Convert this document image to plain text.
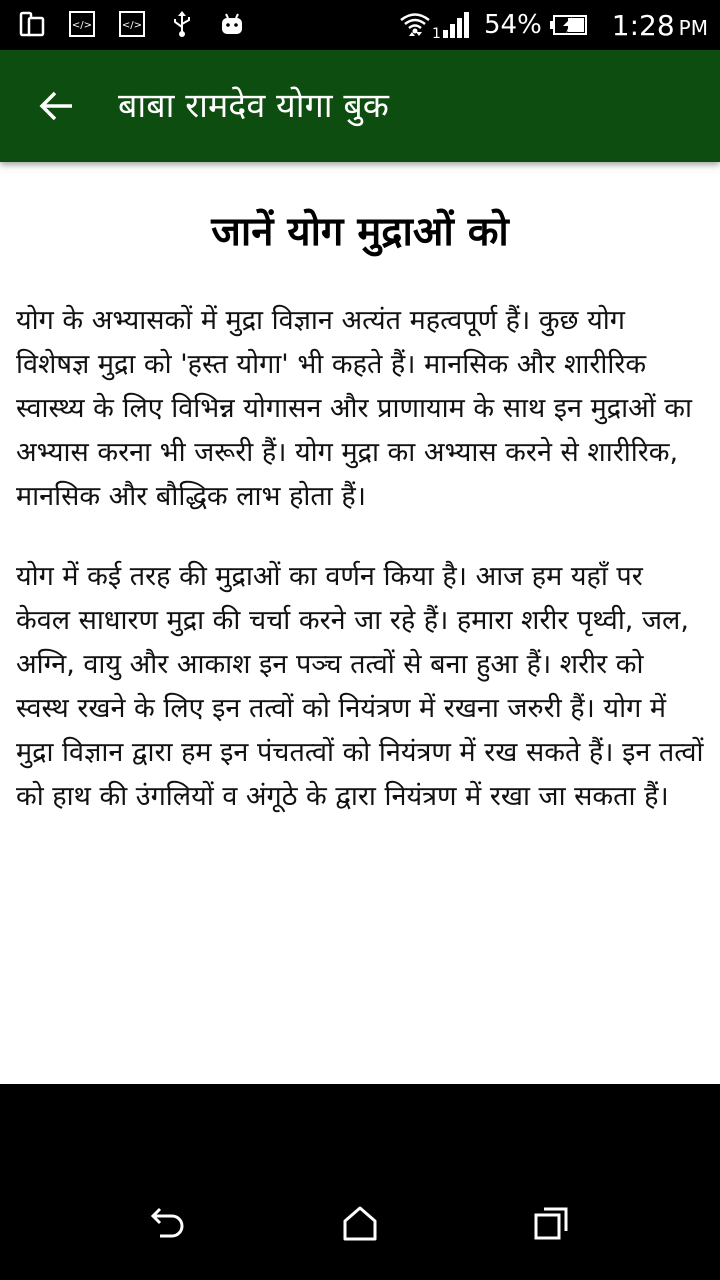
</>	</>
1 54%	1:28 PM
बाबा रामदेव योगा बुक
जानें योग मुद्राओं को

योग के अभ्यासकों में मुद्रा विज्ञान अत्यंत महत्वपूर्ण हैं। कुछ योग विशेषज्ञ मुद्रा को 'हस्त योगा' भी कहते हैं। मानसिक और शारीरिक स्वास्थ्य के लिए विभिन्न योगासन और प्राणायाम के साथ इन मुद्राओं का अभ्यास करना भी जरूरी हैं। योग मुद्रा का अभ्यास करने से शारीरिक, मानसिक और बौद्धिक लाभ होता हैं।

योग में कई तरह की मुद्राओं का वर्णन किया है। आज हम यहाँ पर केवल साधारण मुद्रा की चर्चा करने जा रहे हैं। हमारा शरीर पृथ्वी, जल, अग्नि, वायु और आकाश इन पञ्च तत्वों से बना हुआ हैं। शरीर को स्वस्थ रखने के लिए इन तत्वों को नियंत्रण में रखना जरुरी हैं। योग में मुद्रा विज्ञान द्वारा हम इन पंचतत्वों को नियंत्रण में रख सकते हैं। इन तत्वों को हाथ की उंगलियों व अंगूठे के द्वारा नियंत्रण में रखा जा सकता हैं।
